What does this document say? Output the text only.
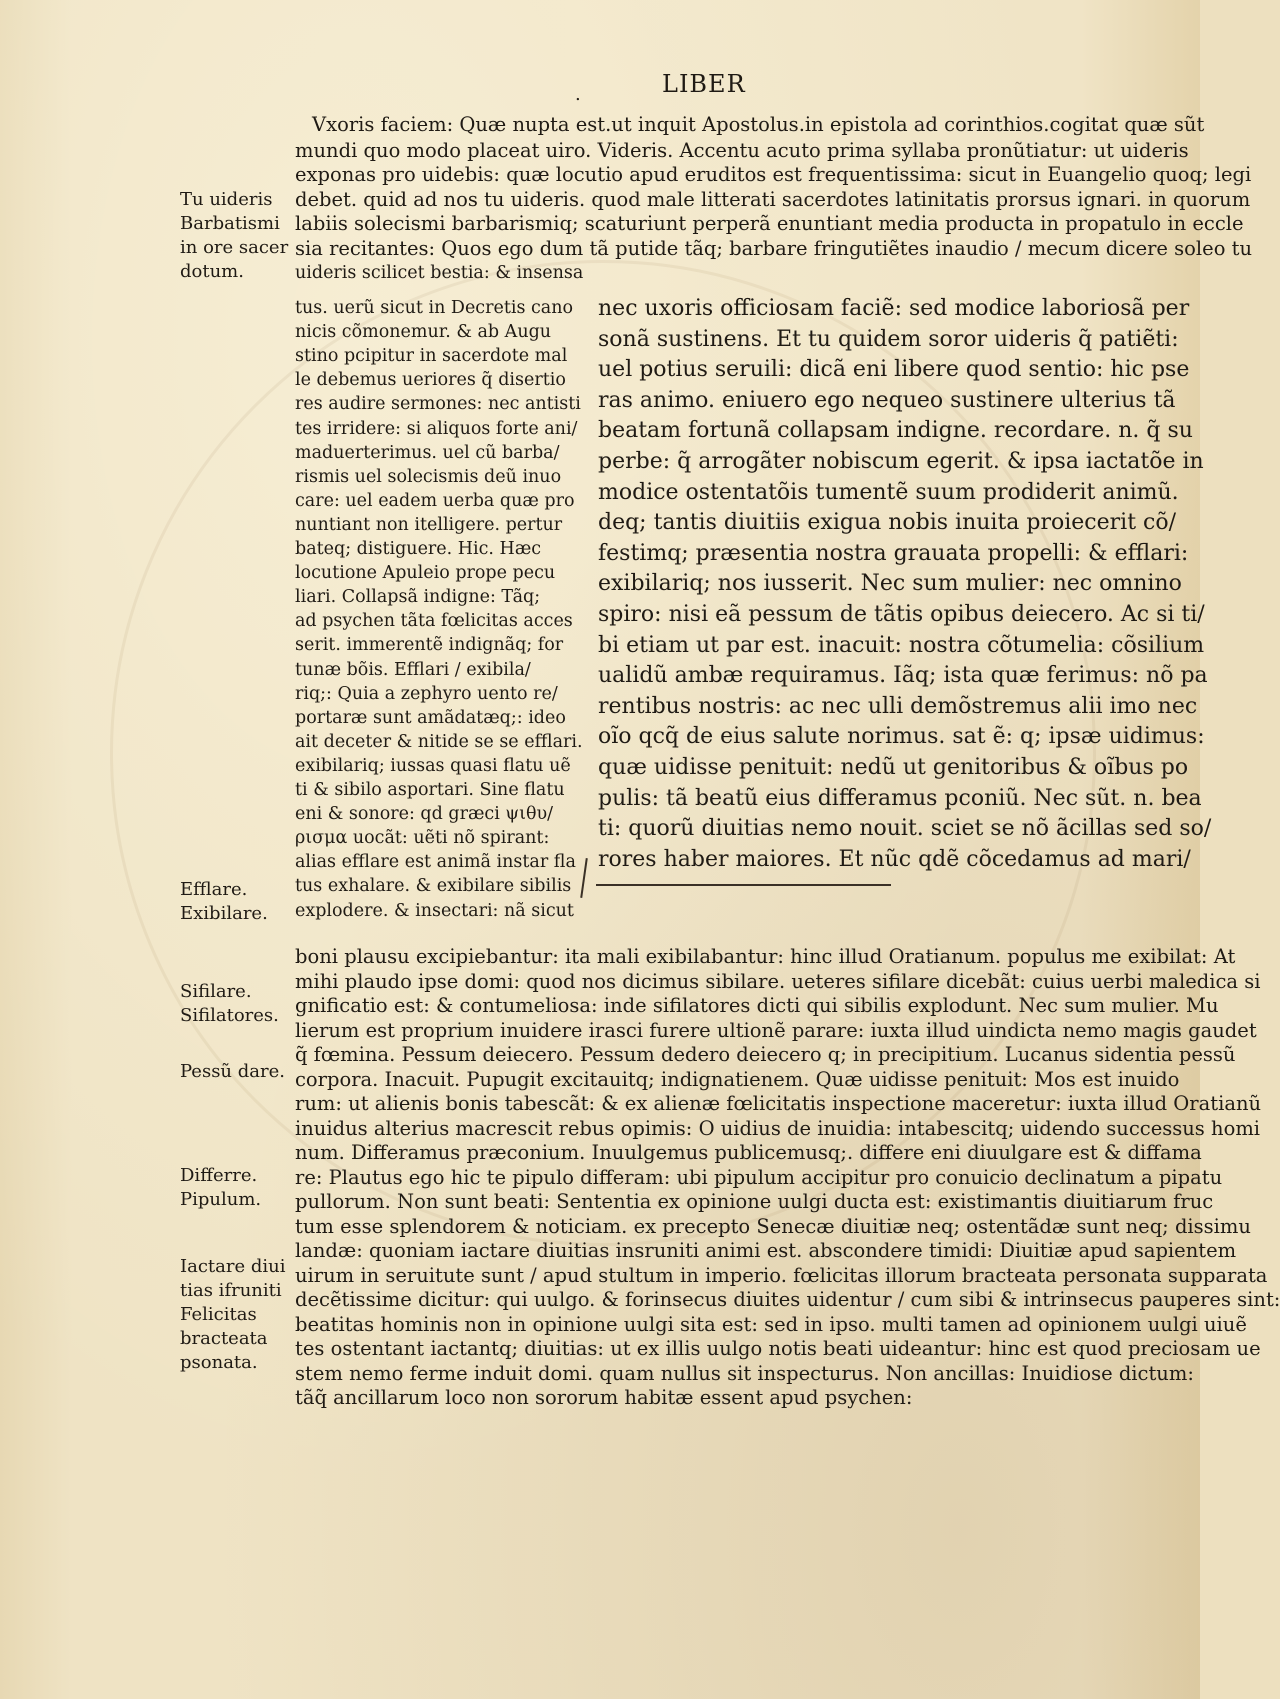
.	LIBER
Vxoris faciem: Quæ nupta est.ut inquit Apostolus.in epistola ad corinthios.cogitat quæ sũt
mundi quo modo placeat uiro. Videris. Accentu acuto prima syllaba pronũtiatur: ut uideris
exponas pro uidebis: quæ locutio apud eruditos est frequentissima: sicut in Euangelio quoq; legi
debet. quid ad nos tu uideris. quod male litterati sacerdotes latinitatis prorsus ignari. in quorum
labiis solecismi barbarismiq; scaturiunt perperã enuntiant media producta in propatulo in eccle
sia recitantes: Quos ego dum tã putide tãq; barbare fringutiẽtes inaudio / mecum dicere soleo tu
uideris scilicet bestia: & insensa
tus. uerũ sicut in Decretis cano
nicis cõmonemur. & ab Augu
stino pcipitur in sacerdote mal
le debemus ueriores q̃ disertio
res audire sermones: nec antisti
tes irridere: si aliquos forte ani/
maduerterimus. uel cũ barba/
rismis uel solecismis deũ inuo
care: uel eadem uerba quæ pro
nuntiant non itelligere. pertur
bateq; distiguere. Hic. Hæc
locutione Apuleio prope pecu
liari. Collapsã indigne: Tãq;
ad psychen tãta fœlicitas acces
serit. immerentẽ indignãq; for
tunæ bõis. Efflari / exibila/
riq;: Quia a zephyro uento re/
portaræ sunt amãdatæq;: ideo
ait deceter & nitide se se efflari.
exibilariq; iussas quasi flatu uẽ
ti & sibilo asportari. Sine flatu
eni & sonore: qd græci ψιθυ/
ρισμα uocãt: uẽti nõ spirant:
alias efflare est animã instar fla
tus exhalare. & exibilare sibilis
explodere. & insectari: nã sicut
nec uxoris officiosam faciẽ: sed modice laboriosã per
sonã sustinens. Et tu quidem soror uideris q̃ patiẽti:
uel potius seruili: dicã eni libere quod sentio: hic pse
ras animo. eniuero ego nequeo sustinere ulterius tã
beatam fortunã collapsam indigne. recordare. n. q̃ su
perbe: q̃ arrogãter nobiscum egerit. & ipsa iactatõe in
modice ostentatõis tumentẽ suum prodiderit animũ.
deq; tantis diuitiis exigua nobis inuita proiecerit cõ/
festimq; præsentia nostra grauata propelli: & efflari:
exibilariq; nos iusserit. Nec sum mulier: nec omnino
spiro: nisi eã pessum de tãtis opibus deiecero. Ac si ti/
bi etiam ut par est. inacuit: nostra cõtumelia: cõsilium
ualidũ ambæ requiramus. Iãq; ista quæ ferimus: nõ pa
rentibus nostris: ac nec ulli demõstremus alii imo nec
oĩo qcq̃ de eius salute norimus. sat ẽ: q; ipsæ uidimus:
quæ uidisse penituit: nedũ ut genitoribus & oĩbus po
pulis: tã beatũ eius differamus pconiũ. Nec sũt. n. bea
ti: quorũ diuitias nemo nouit. sciet se nõ ãcillas sed so/
rores haber maiores. Et nũc qdẽ cõcedamus ad mari/
boni plausu excipiebantur: ita mali exibilabantur: hinc illud Oratianum. populus me exibilat: At
mihi plaudo ipse domi: quod nos dicimus sibilare. ueteres sifilare dicebãt: cuius uerbi maledica si
gnificatio est: & contumeliosa: inde sifilatores dicti qui sibilis explodunt. Nec sum mulier. Mu
lierum est proprium inuidere irasci furere ultionẽ parare: iuxta illud uindicta nemo magis gaudet
q̃ fœmina. Pessum deiecero. Pessum dedero deiecero q; in precipitium. Lucanus sidentia pessũ
corpora. Inacuit. Pupugit excitauitq; indignatienem. Quæ uidisse penituit: Mos est inuido
rum: ut alienis bonis tabescãt: & ex alienæ fœlicitatis inspectione maceretur: iuxta illud Oratianũ
inuidus alterius macrescit rebus opimis: O uidius de inuidia: intabescitq; uidendo successus homi
num. Differamus præconium. Inuulgemus publicemusq;. differe eni diuulgare est & diffama
re: Plautus ego hic te pipulo differam: ubi pipulum accipitur pro conuicio declinatum a pipatu
pullorum. Non sunt beati: Sententia ex opinione uulgi ducta est: existimantis diuitiarum fruc
tum esse splendorem & noticiam. ex precepto Senecæ diuitiæ neq; ostentãdæ sunt neq; dissimu
landæ: quoniam iactare diuitias insruniti animi est. abscondere timidi: Diuitiæ apud sapientem
uirum in seruitute sunt / apud stultum in imperio. fœlicitas illorum bracteata personata supparata
decẽtissime dicitur: qui uulgo. & forinsecus diuites uidentur / cum sibi & intrinsecus pauperes sint:
beatitas hominis non in opinione uulgi sita est: sed in ipso. multi tamen ad opinionem uulgi uiuẽ
tes ostentant iactantq; diuitias: ut ex illis uulgo notis beati uideantur: hinc est quod preciosam ue
stem nemo ferme induit domi. quam nullus sit inspecturus. Non ancillas: Inuidiose dictum:
tãq̃ ancillarum loco non sororum habitæ essent apud psychen:
Tu uideris
Barbatismi
in ore sacer
dotum.
Efflare.
Exibilare.
Sifilare.
Sifilatores.
Pessũ dare.
Differre.
Pipulum.
Iactare diui
tias ifruniti
Felicitas
bracteata
psonata.
